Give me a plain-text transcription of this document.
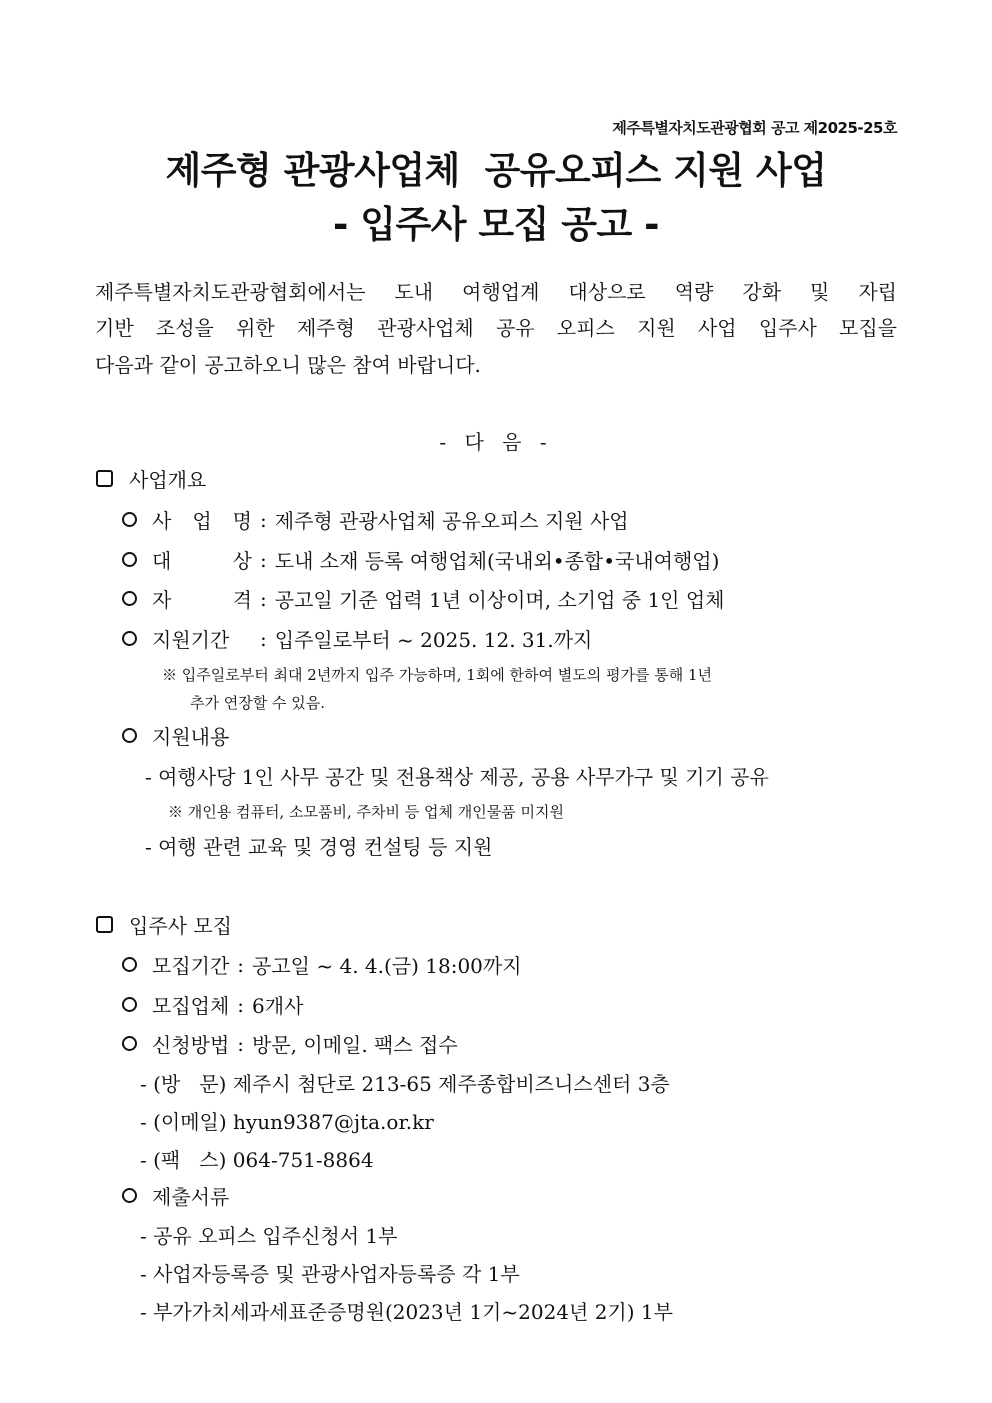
제주특별자치도관광협회 공고 제2025-25호
제주형 관광사업체  공유오피스 지원 사업
- 입주사 모집 공고 -
제주특별자치도관광협회에서는 도내 여행업계 대상으로 역량 강화 및 자립
기반 조성을 위한 제주형 관광사업체 공유 오피스 지원 사업 입주사 모집을
다음과 같이 공고하오니 많은 참여 바랍니다.
- 다 음 -
사업개요
사 업 명 : 제주형 관광사업체 공유오피스 지원 사업
대	상 : 도내 소재 등록 여행업체(국내외•종합•국내여행업)
자	격 : 공고일 기준 업력 1년 이상이며, 소기업 중 1인 업체
지원기간	: 입주일로부터 ~ 2025. 12. 31.까지
※ 입주일로부터 최대 2년까지 입주 가능하며, 1회에 한하여 별도의 평가를 통해 1년
추가 연장할 수 있음.
지원내용
- 여행사당 1인 사무 공간 및 전용책상 제공, 공용 사무가구 및 기기 공유
※ 개인용 컴퓨터, 소모품비, 주차비 등 업체 개인물품 미지원
- 여행 관련 교육 및 경영 컨설팅 등 지원
입주사 모집
모집기간 : 공고일 ~ 4. 4.(금) 18:00까지
모집업체 : 6개사
신청방법 : 방문, 이메일. 팩스 접수
- (방   문) 제주시 첨단로 213-65 제주종합비즈니스센터 3층
- (이메일) hyun9387@jta.or.kr
- (팩   스) 064-751-8864
제출서류
- 공유 오피스 입주신청서 1부
- 사업자등록증 및 관광사업자등록증 각 1부
- 부가가치세과세표준증명원(2023년 1기~2024년 2기) 1부
